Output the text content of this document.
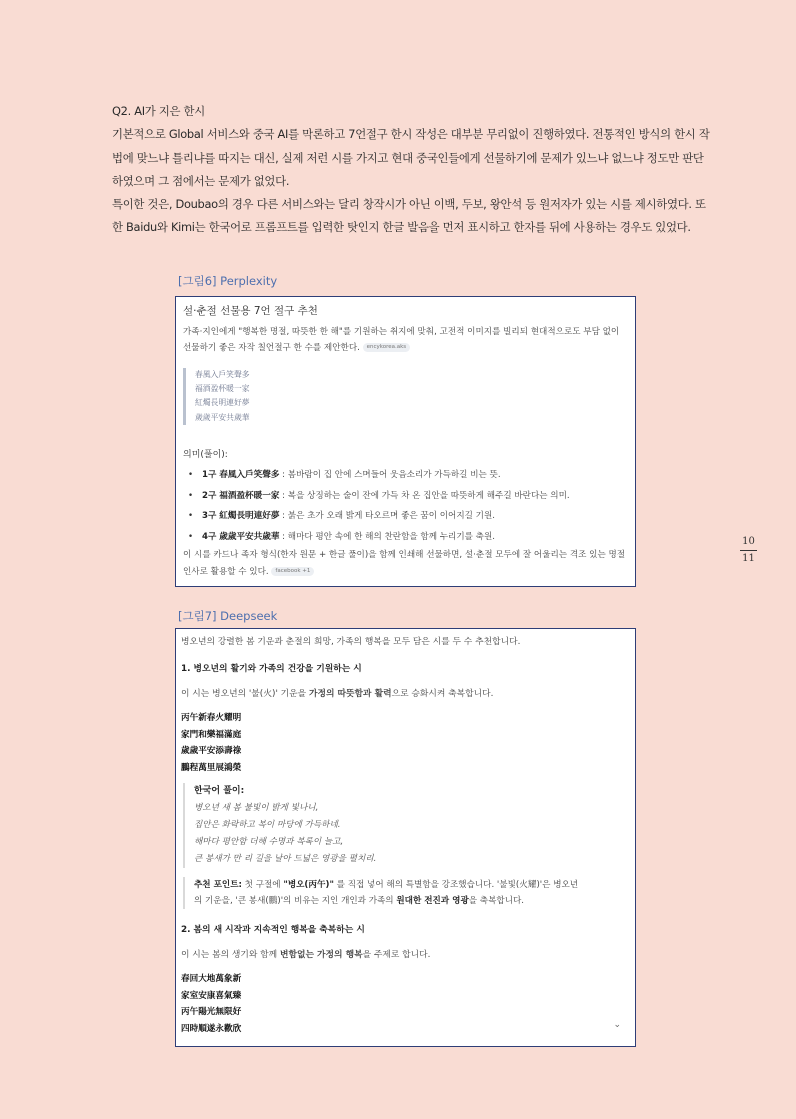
Q2. AI가 지은 한시

기본적으로 Global 서비스와 중국 AI를 막론하고 7언절구 한시 작성은 대부분 무리없이 진행하였다. 전통적인 방식의 한시 작법에 맞느냐 틀리냐를 따지는 대신, 실제 저런 시를 가지고 현대 중국인들에게 선물하기에 문제가 있느냐 없느냐 정도만 판단하였으며 그 점에서는 문제가 없었다.

특이한 것은, Doubao의 경우 다른 서비스와는 달리 창작시가 아닌 이백, 두보, 왕안석 등 원저자가 있는 시를 제시하였다. 또한 Baidu와 Kimi는 한국어로 프롬프트를 입력한 탓인지 한글 발음을 먼저 표시하고 한자를 뒤에 사용하는 경우도 있었다.

[그림6] Perplexity
설·춘절 선물용 7언 절구 추천
가족·지인에게 "행복한 명절, 따뜻한 한 해"를 기원하는 취지에 맞춰, 고전적 이미지를 빌리되 현대적으로도 부담 없이 선물하기 좋은 자작 칠언절구 한 수를 제안한다. encykorea.aks
春風入戶笑聲多
福酒盈杯暖一家
紅燭長明連好夢
歲歲平安共歲華
의미(풀이):
• 1구 春風入戶笑聲多 : 봄바람이 집 안에 스며들어 웃음소리가 가득하길 비는 뜻.
• 2구 福酒盈杯暖一家 : 복을 상징하는 술이 잔에 가득 차 온 집안을 따뜻하게 해주길 바란다는 의미.
• 3구 紅燭長明連好夢 : 붉은 초가 오래 밝게 타오르며 좋은 꿈이 이어지길 기원.
• 4구 歲歲平安共歲華 : 해마다 평안 속에 한 해의 찬란함을 함께 누리기를 축원.
이 시를 카드나 족자 형식(한자 원문 + 한글 풀이)을 함께 인쇄해 선물하면, 설·춘절 모두에 잘 어울리는 격조 있는 명절 인사로 활용할 수 있다. facebook +1
[그림7] Deepseek
병오년의 강렬한 봄 기운과 춘절의 희망, 가족의 행복을 모두 담은 시를 두 수 추천합니다.
1. 병오년의 활기와 가족의 건강을 기원하는 시
이 시는 병오년의 '불(火)' 기운을 가정의 따뜻함과 활력으로 승화시켜 축복합니다.
丙午新春火耀明
家門和樂福滿庭
歲歲平安添壽祿
鵬程萬里展鴻榮
한국어 풀이:
병오년 새 봄 불빛이 밝게 빛나니,
집안은 화락하고 복이 마당에 가득하네.
해마다 평안함 더해 수명과 복록이 늘고,
큰 봉새가 만 리 길을 날아 드넓은 영광을 펼치리.
추천 포인트: 첫 구절에 "병오(丙午)" 를 직접 넣어 해의 특별함을 강조했습니다. '불빛(火耀)'은 병오년
의 기운을, '큰 봉새(鵬)'의 비유는 지인 개인과 가족의 원대한 전진과 영광을 축복합니다.
2. 봄의 새 시작과 지속적인 행복을 축복하는 시
이 시는 봄의 생기와 함께 변함없는 가정의 행복을 주제로 합니다.
春回大地萬象新
家室安康喜氣臻
丙午陽光無限好
四時順遂永歡欣	⌄
10
11
